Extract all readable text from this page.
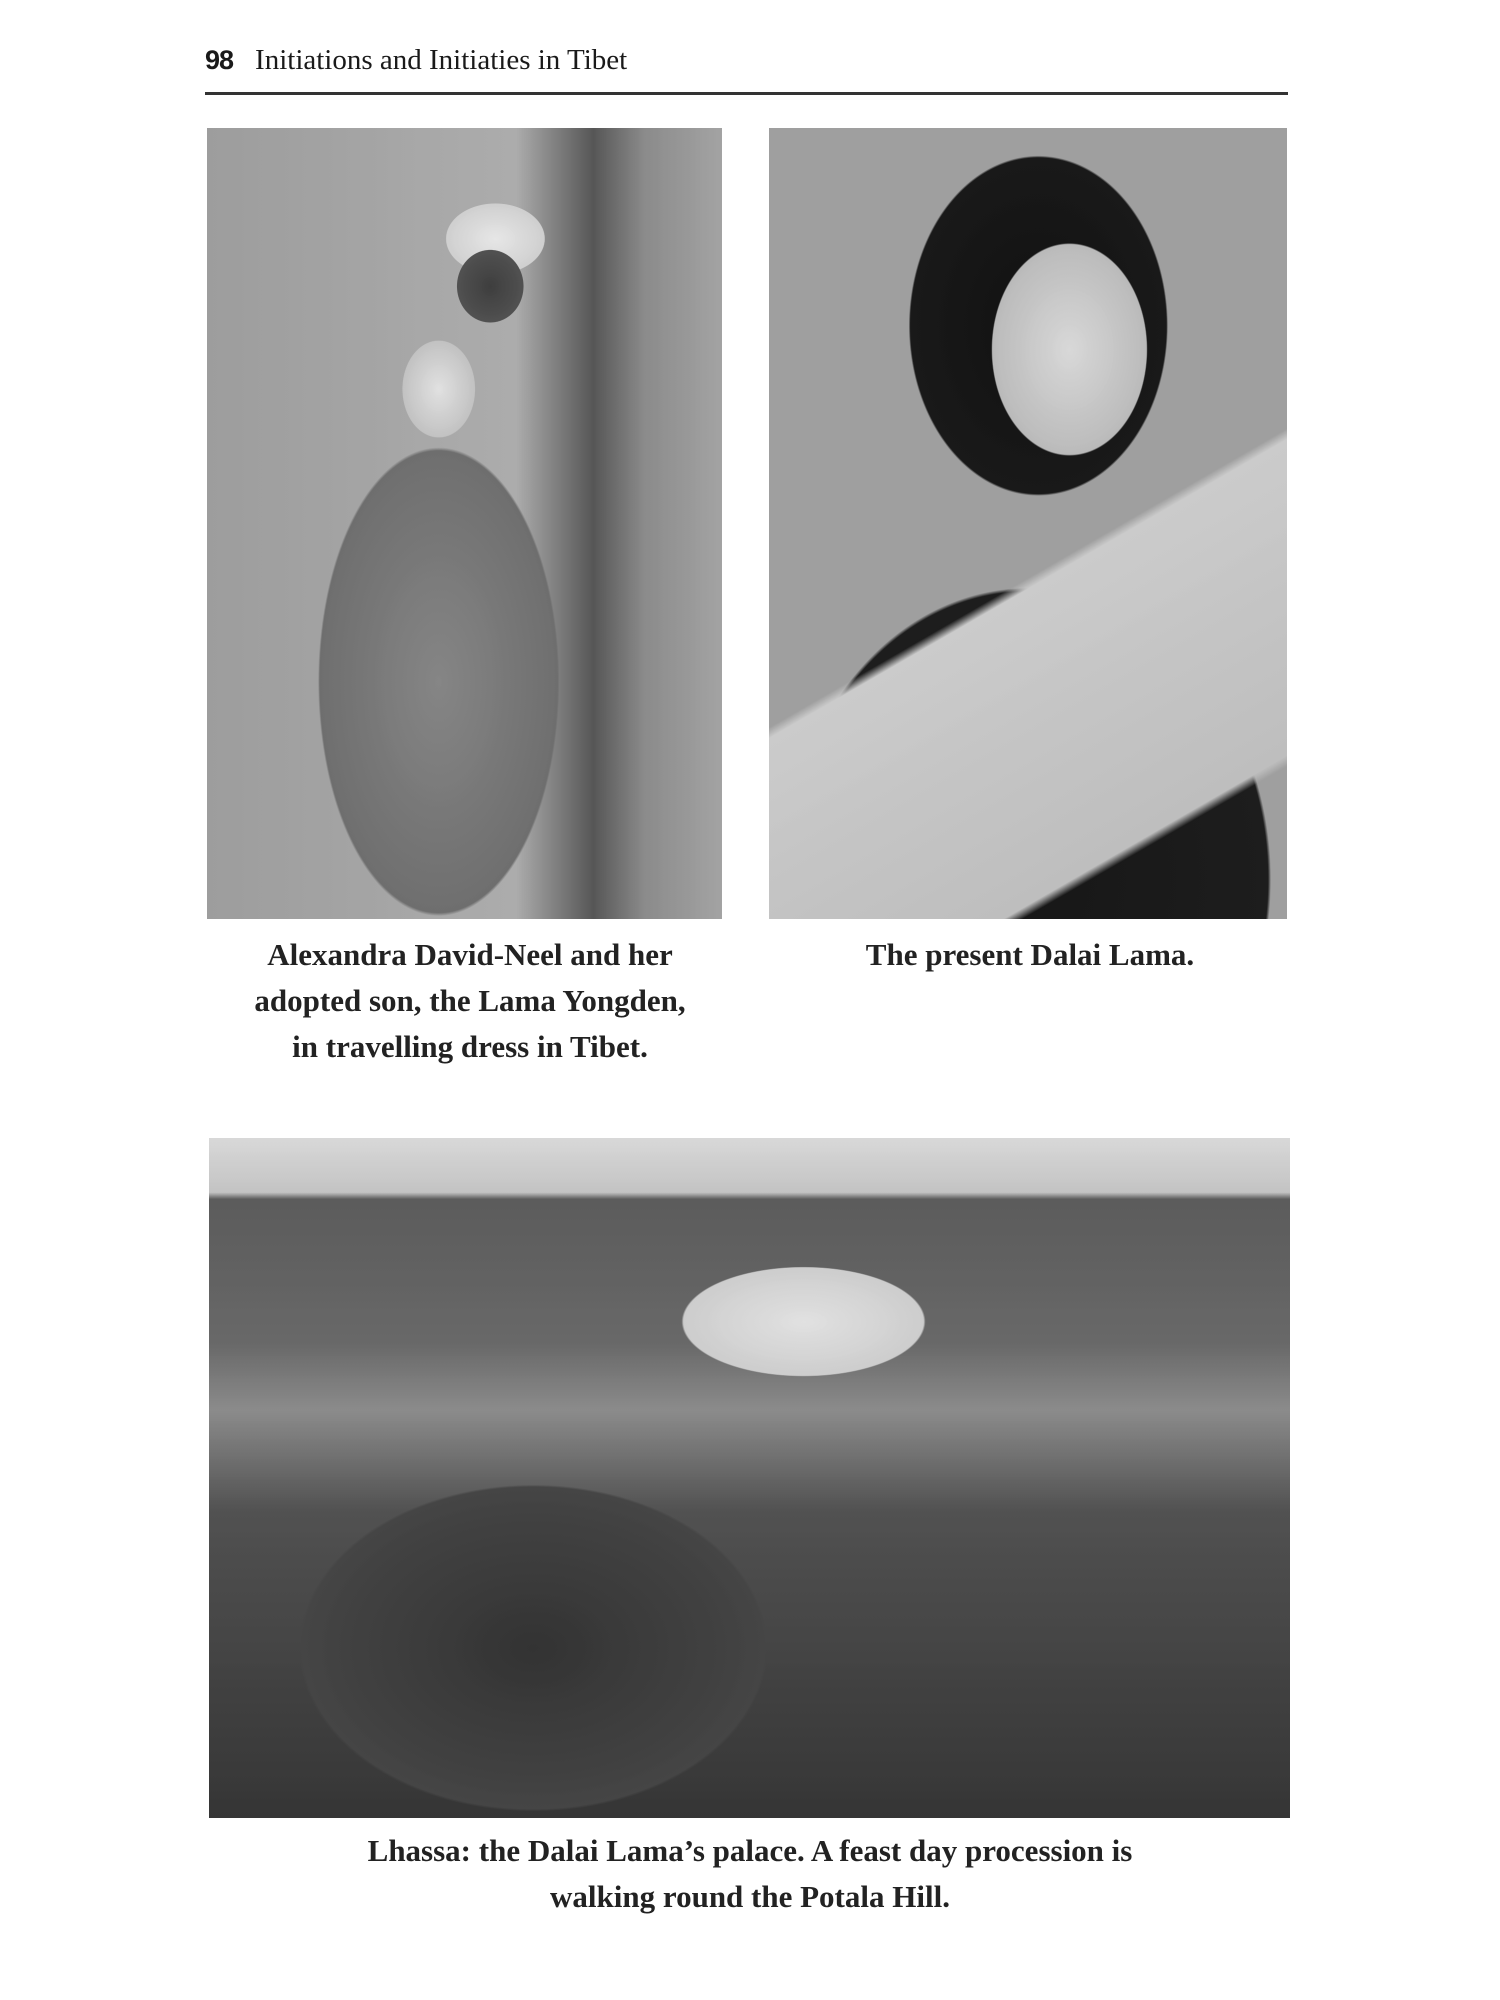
98 Initiations and Initiaties in Tibet
Alexandra David-Neel and her
adopted son, the Lama Yongden,
in travelling dress in Tibet.
The present Dalai Lama.
Lhassa: the Dalai Lama’s palace. A feast day procession is
walking round the Potala Hill.
